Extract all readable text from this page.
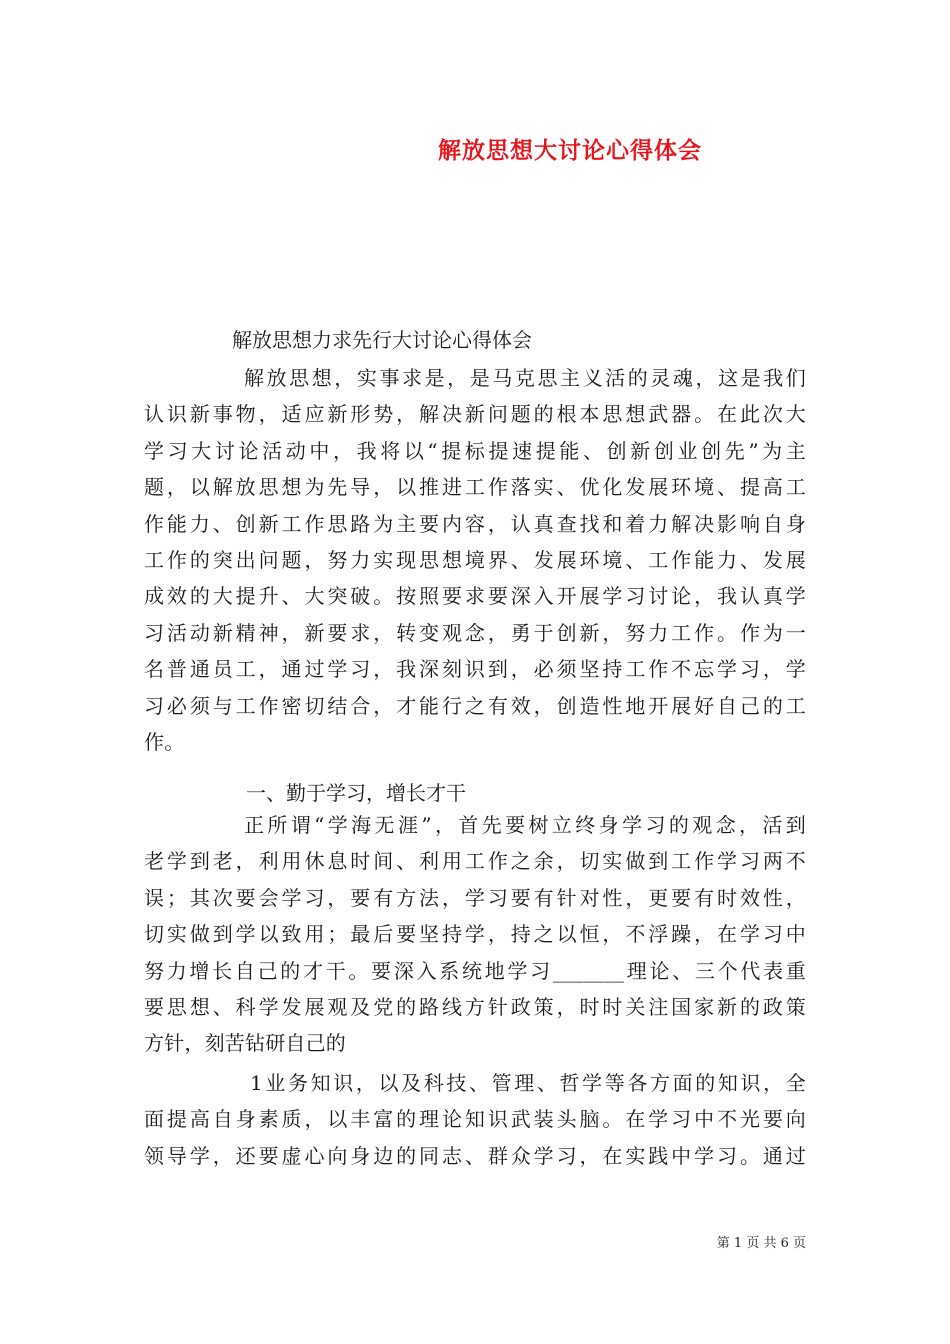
解放思想大讨论心得体会
解放思想力求先行大讨论心得体会
解放思想，实事求是，是马克思主义活的灵魂，这是我们
认识新事物，适应新形势，解决新问题的根本思想武器。在此次大
学习大讨论活动中，我将以“提标提速提能、创新创业创先”为主
题，以解放思想为先导，以推进工作落实、优化发展环境、提高工
作能力、创新工作思路为主要内容，认真查找和着力解决影响自身
工作的突出问题，努力实现思想境界、发展环境、工作能力、发展
成效的大提升、大突破。按照要求要深入开展学习讨论，我认真学
习活动新精神，新要求，转变观念，勇于创新，努力工作。作为一
名普通员工，通过学习，我深刻识到，必须坚持工作不忘学习，学
习必须与工作密切结合，才能行之有效，创造性地开展好自己的工
作。
一、勤于学习，增长才干
正所谓“学海无涯”，首先要树立终身学习的观念，活到
老学到老，利用休息时间、利用工作之余，切实做到工作学习两不
误；其次要会学习，要有方法，学习要有针对性，更要有时效性，
切实做到学以致用；最后要坚持学，持之以恒，不浮躁，在学习中
努力增长自己的才干。要深入系统地学习_______理论、三个代表重
要思想、科学发展观及党的路线方针政策，时时关注国家新的政策
方针，刻苦钻研自己的
1业务知识，以及科技、管理、哲学等各方面的知识，全
面提高自身素质，以丰富的理论知识武装头脑。在学习中不光要向
领导学，还要虚心向身边的同志、群众学习，在实践中学习。通过
第 1 页 共 6 页
